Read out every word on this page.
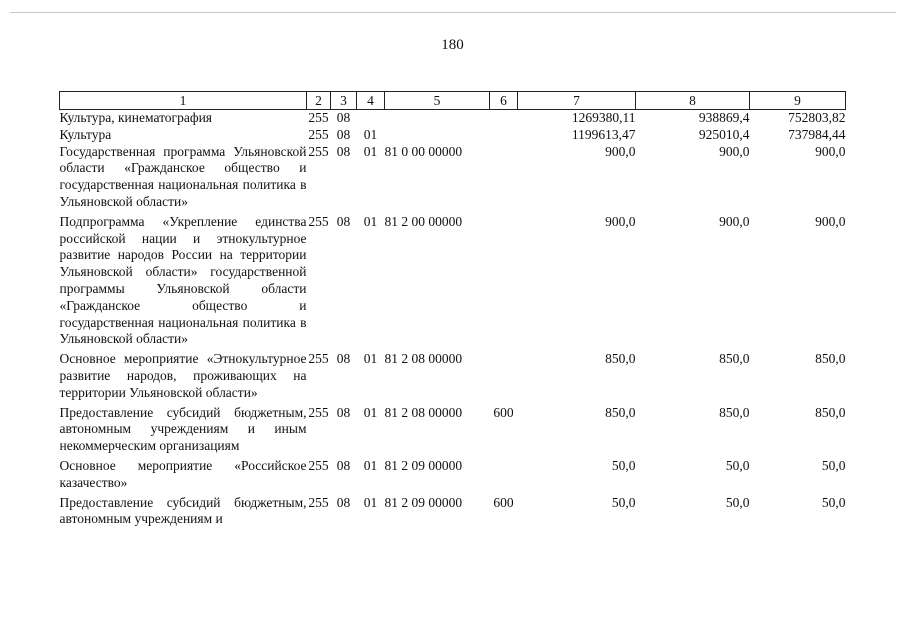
180
1	2	3	4	5	6	7	8	9
Культура, кинематография	255	08				1269380,11	938869,4	752803,82
Культура	255	08	01			1199613,47	925010,4	737984,44
Государственная программа Ульяновской области «Гражданское общество и государственная национальная политика в Ульяновской области»	255	08	01	81 0 00 00000		900,0	900,0	900,0
Подпрограмма «Укрепление единства российской нации и этнокультурное развитие народов России на территории Ульяновской области» государственной программы Ульяновской области «Гражданское общество и государственная национальная политика в Ульяновской области»	255	08	01	81 2 00 00000		900,0	900,0	900,0
Основное мероприятие «Этнокультурное развитие народов, проживающих на территории Ульяновской области»	255	08	01	81 2 08 00000		850,0	850,0	850,0
Предоставление субсидий бюджетным, автономным учреждениям и иным некоммерческим организациям	255	08	01	81 2 08 00000	600	850,0	850,0	850,0
Основное мероприятие «Российское казачество»	255	08	01	81 2 09 00000		50,0	50,0	50,0
Предоставление субсидий бюджетным, автономным учреждениям и	255	08	01	81 2 09 00000	600	50,0	50,0	50,0
